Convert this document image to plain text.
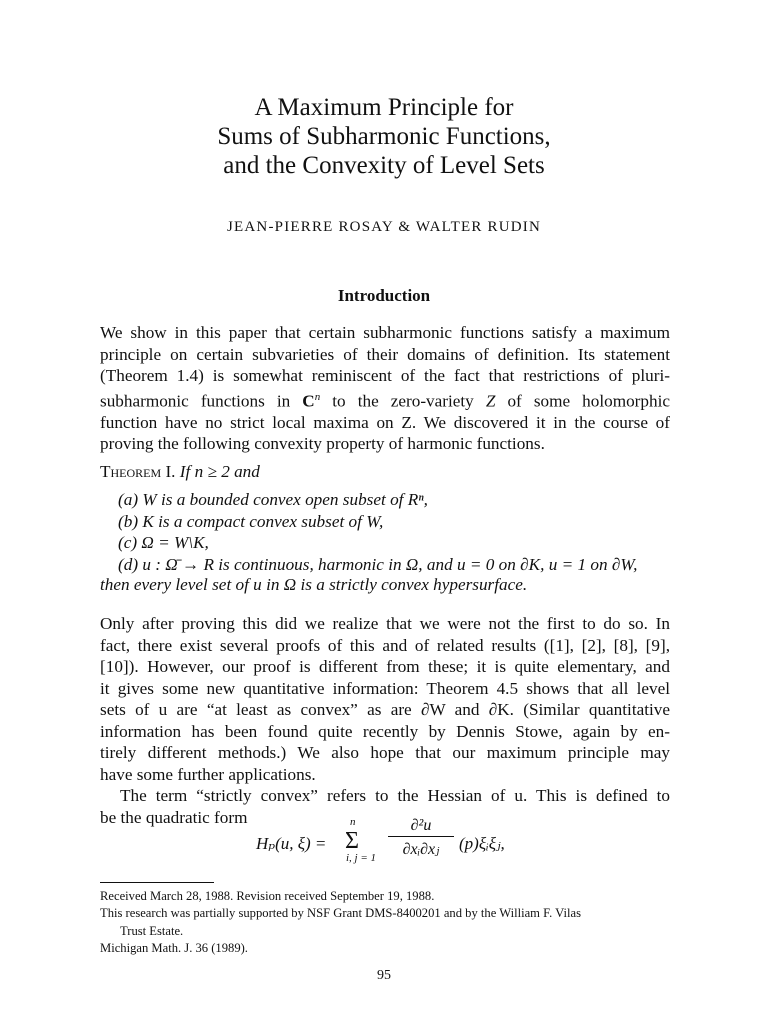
A Maximum Principle for
Sums of Subharmonic Functions,
and the Convexity of Level Sets
JEAN-PIERRE ROSAY & WALTER RUDIN
Introduction
We show in this paper that certain subharmonic functions satisfy a maximum
principle on certain subvarieties of their domains of definition. Its statement
(Theorem 1.4) is somewhat reminiscent of the fact that restrictions of pluri-
subharmonic functions in $C^n$ to the zero-variety Z of some holomorphic
function have no strict local maxima on Z. We discovered it in the course of
proving the following convexity property of harmonic functions.
Theorem I. If n ≥ 2 and
(a) W is a bounded convex open subset of Rⁿ,
(b) K is a compact convex subset of W,
(c) Ω = W\K,
(d) u : Ω̄ → R is continuous, harmonic in Ω, and u = 0 on ∂K, u = 1 on ∂W,
then every level set of u in Ω is a strictly convex hypersurface.
Only after proving this did we realize that we were not the first to do so. In
fact, there exist several proofs of this and of related results ([1], [2], [8], [9],
[10]). However, our proof is different from these; it is quite elementary, and
it gives some new quantitative information: Theorem 4.5 shows that all level
sets of u are “at least as convex” as are ∂W and ∂K. (Similar quantitative
information has been found quite recently by Dennis Stowe, again by en-
tirely different methods.) We also hope that our maximum principle may
have some further applications.
The term “strictly convex” refers to the Hessian of u. This is defined to
be the quadratic form
Hₚ(u, ξ) =
n
Σ
i, j = 1
∂²u
∂xᵢ∂xⱼ	(p)ξᵢξⱼ,
Received March 28, 1988. Revision received September 19, 1988.
This research was partially supported by NSF Grant DMS-8400201 and by the William F. Vilas
Trust Estate.
Michigan Math. J. 36 (1989).
95
